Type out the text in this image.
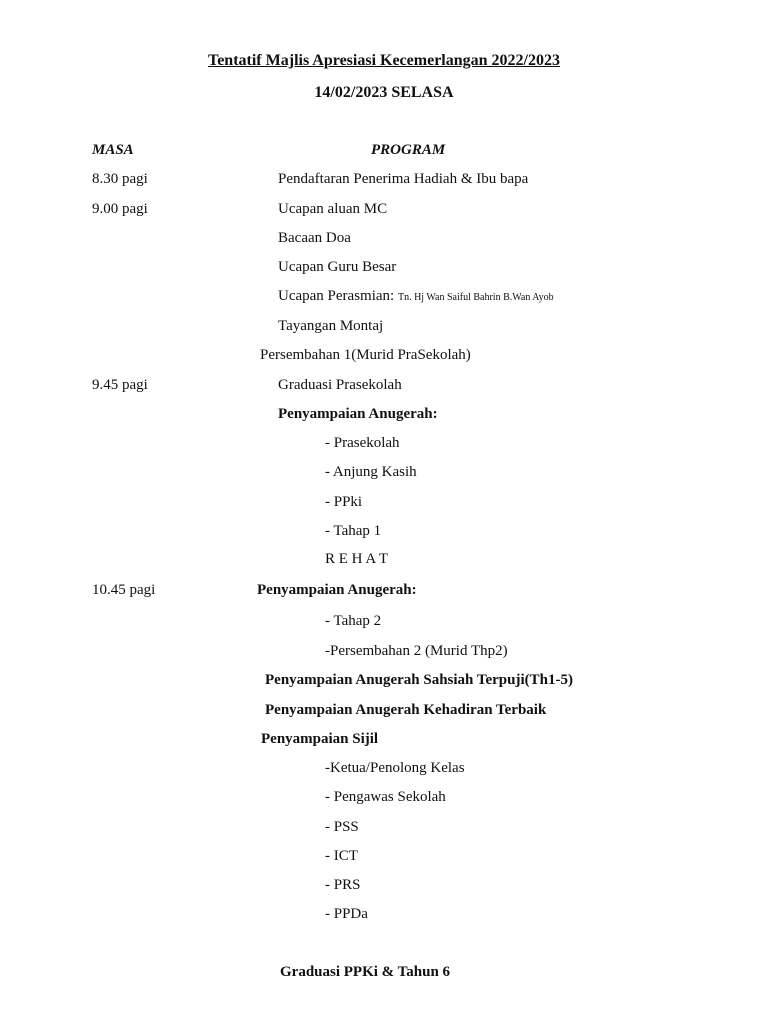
Tentatif Majlis Apresiasi Kecemerlangan 2022/2023
14/02/2023 SELASA
MASA	PROGRAM
8.30 pagi	Pendaftaran Penerima Hadiah & Ibu bapa
9.00 pagi	Ucapan aluan MC
Bacaan Doa
Ucapan Guru Besar
Ucapan Perasmian: Tn. Hj Wan Saiful Bahrin B.Wan Ayob
Tayangan Montaj
Persembahan 1(Murid PraSekolah)
9.45 pagi	Graduasi Prasekolah
Penyampaian Anugerah:
- Prasekolah
- Anjung Kasih
- PPki
- Tahap 1
R E H A T
10.45 pagi	Penyampaian Anugerah:
- Tahap 2
-Persembahan 2 (Murid Thp2)
Penyampaian Anugerah Sahsiah Terpuji(Th1-5)
Penyampaian Anugerah Kehadiran Terbaik
Penyampaian Sijil
-Ketua/Penolong Kelas
- Pengawas Sekolah
- PSS
- ICT
- PRS
- PPDa
Graduasi PPKi & Tahun 6
